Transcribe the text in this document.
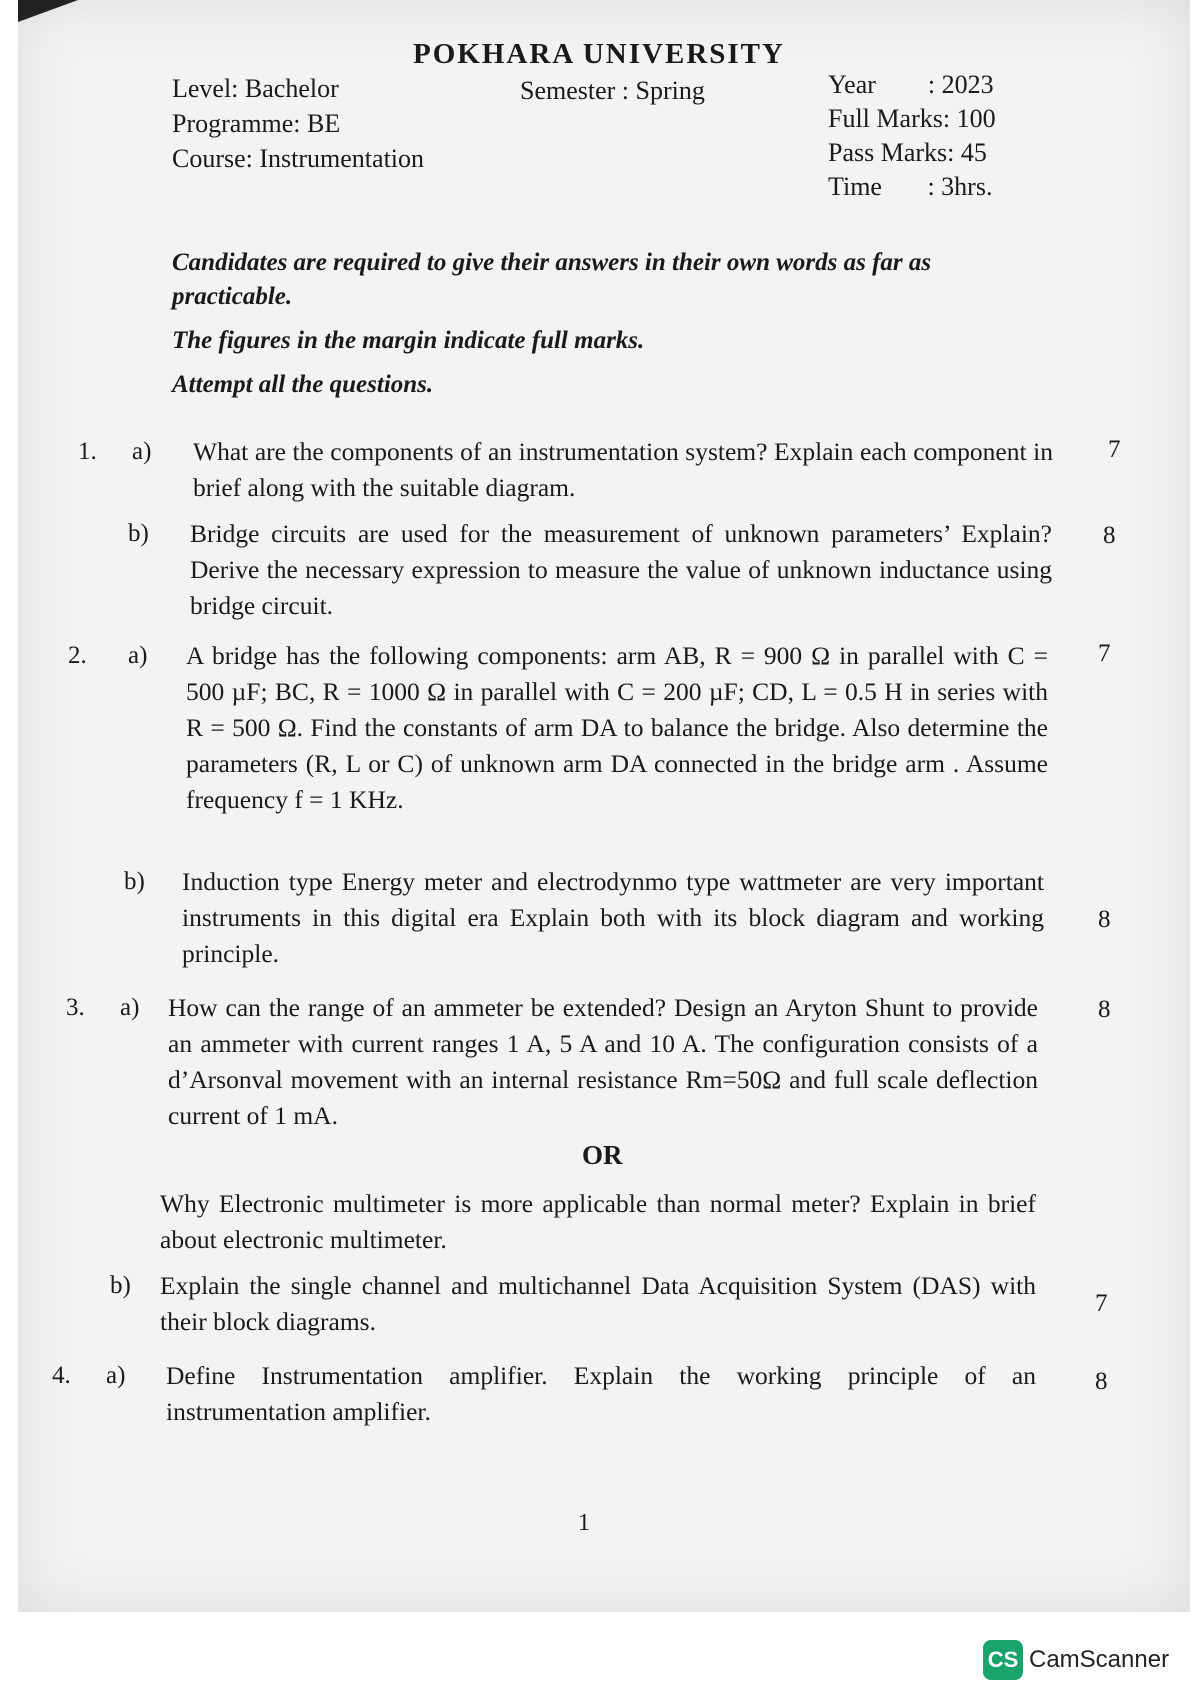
POKHARA UNIVERSITY
Level: Bachelor
Programme: BE
Course: Instrumentation
Semester : Spring	Year        : 2023
Full Marks: 100
Pass Marks: 45
Time       : 3hrs.
Candidates are required to give their answers in their own words as far as practicable.
The figures in the margin indicate full marks.
Attempt all the questions.
1. a) What are the components of an instrumentation system? Explain each component in brief along with the suitable diagram.
7
b) Bridge circuits are used for the measurement of unknown parameters’ Explain? Derive the necessary expression to measure the value of unknown inductance using bridge circuit.
8
2. a) A bridge has the following components: arm AB, R = 900 Ω in parallel with C = 500 µF; BC, R = 1000 Ω in parallel with C = 200 µF; CD, L = 0.5 H in series with R = 500 Ω. Find the constants of arm DA to balance the bridge. Also determine the parameters (R, L or C) of unknown arm DA connected in the bridge arm . Assume frequency f = 1 KHz.
7
b) Induction type Energy meter and electrodynmo type wattmeter are very important instruments in this digital era Explain both with its block diagram and working principle.
8
3. a) How can the range of an ammeter be extended? Design an Aryton Shunt to provide an ammeter with current ranges 1 A, 5 A and 10 A. The configuration consists of a d’Arsonval movement with an internal resistance Rm=50Ω and full scale deflection current of 1 mA.
8
OR
Why Electronic multimeter is more applicable than normal meter? Explain in brief about electronic multimeter.
b) Explain the single channel and multichannel Data Acquisition System (DAS) with their block diagrams.
7
4. a) Define Instrumentation amplifier. Explain the working principle of an instrumentation amplifier.
8
1
CS CamScanner
